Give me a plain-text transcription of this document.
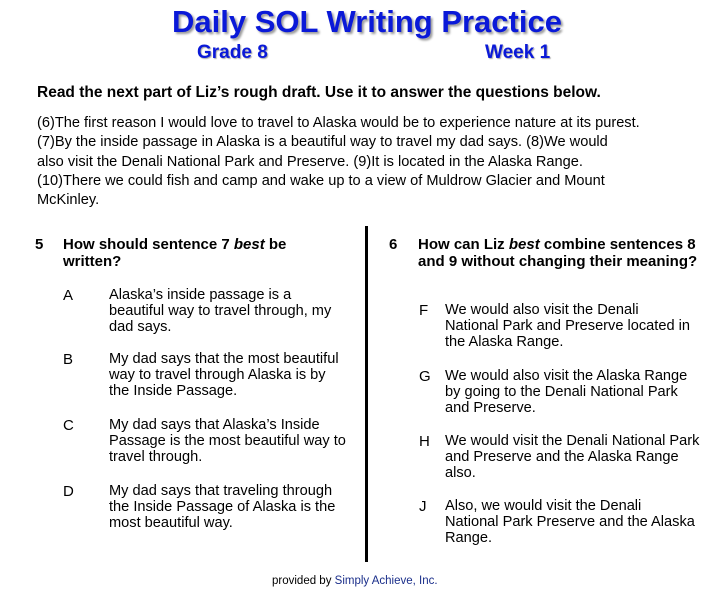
Daily SOL Writing Practice
Grade 8	Week 1
Read the next part of Liz’s rough draft. Use it to answer the questions below.

(6)The first reason I would love to travel to Alaska would be to experience nature at its purest.

(7)By the inside passage in Alaska is a beautiful way to travel my dad says. (8)We would

also visit the Denali National Park and Preserve. (9)It is located in the Alaska Range.

(10)There we could fish and camp and wake up to a view of Muldrow Glacier and Mount

McKinley.

5 How should sentence 7 best be written?
A Alaska’s inside passage is a beautiful way to travel through, my dad says.
B My dad says that the most beautiful way to travel through Alaska is by the Inside Passage.
C My dad says that Alaska’s Inside Passage is the most beautiful way to travel through.
D My dad says that traveling through the Inside Passage of Alaska is the most beautiful way.
6 How can Liz best combine sentences 8 and 9 without changing their meaning?
F We would also visit the Denali National Park and Preserve located in the Alaska Range.
G We would also visit the Alaska Range by going to the Denali National Park and Preserve.
H We would visit the Denali National Park and Preserve and the Alaska Range also.
J Also, we would visit the Denali National Park Preserve and the Alaska Range.
provided by Simply Achieve, Inc.
